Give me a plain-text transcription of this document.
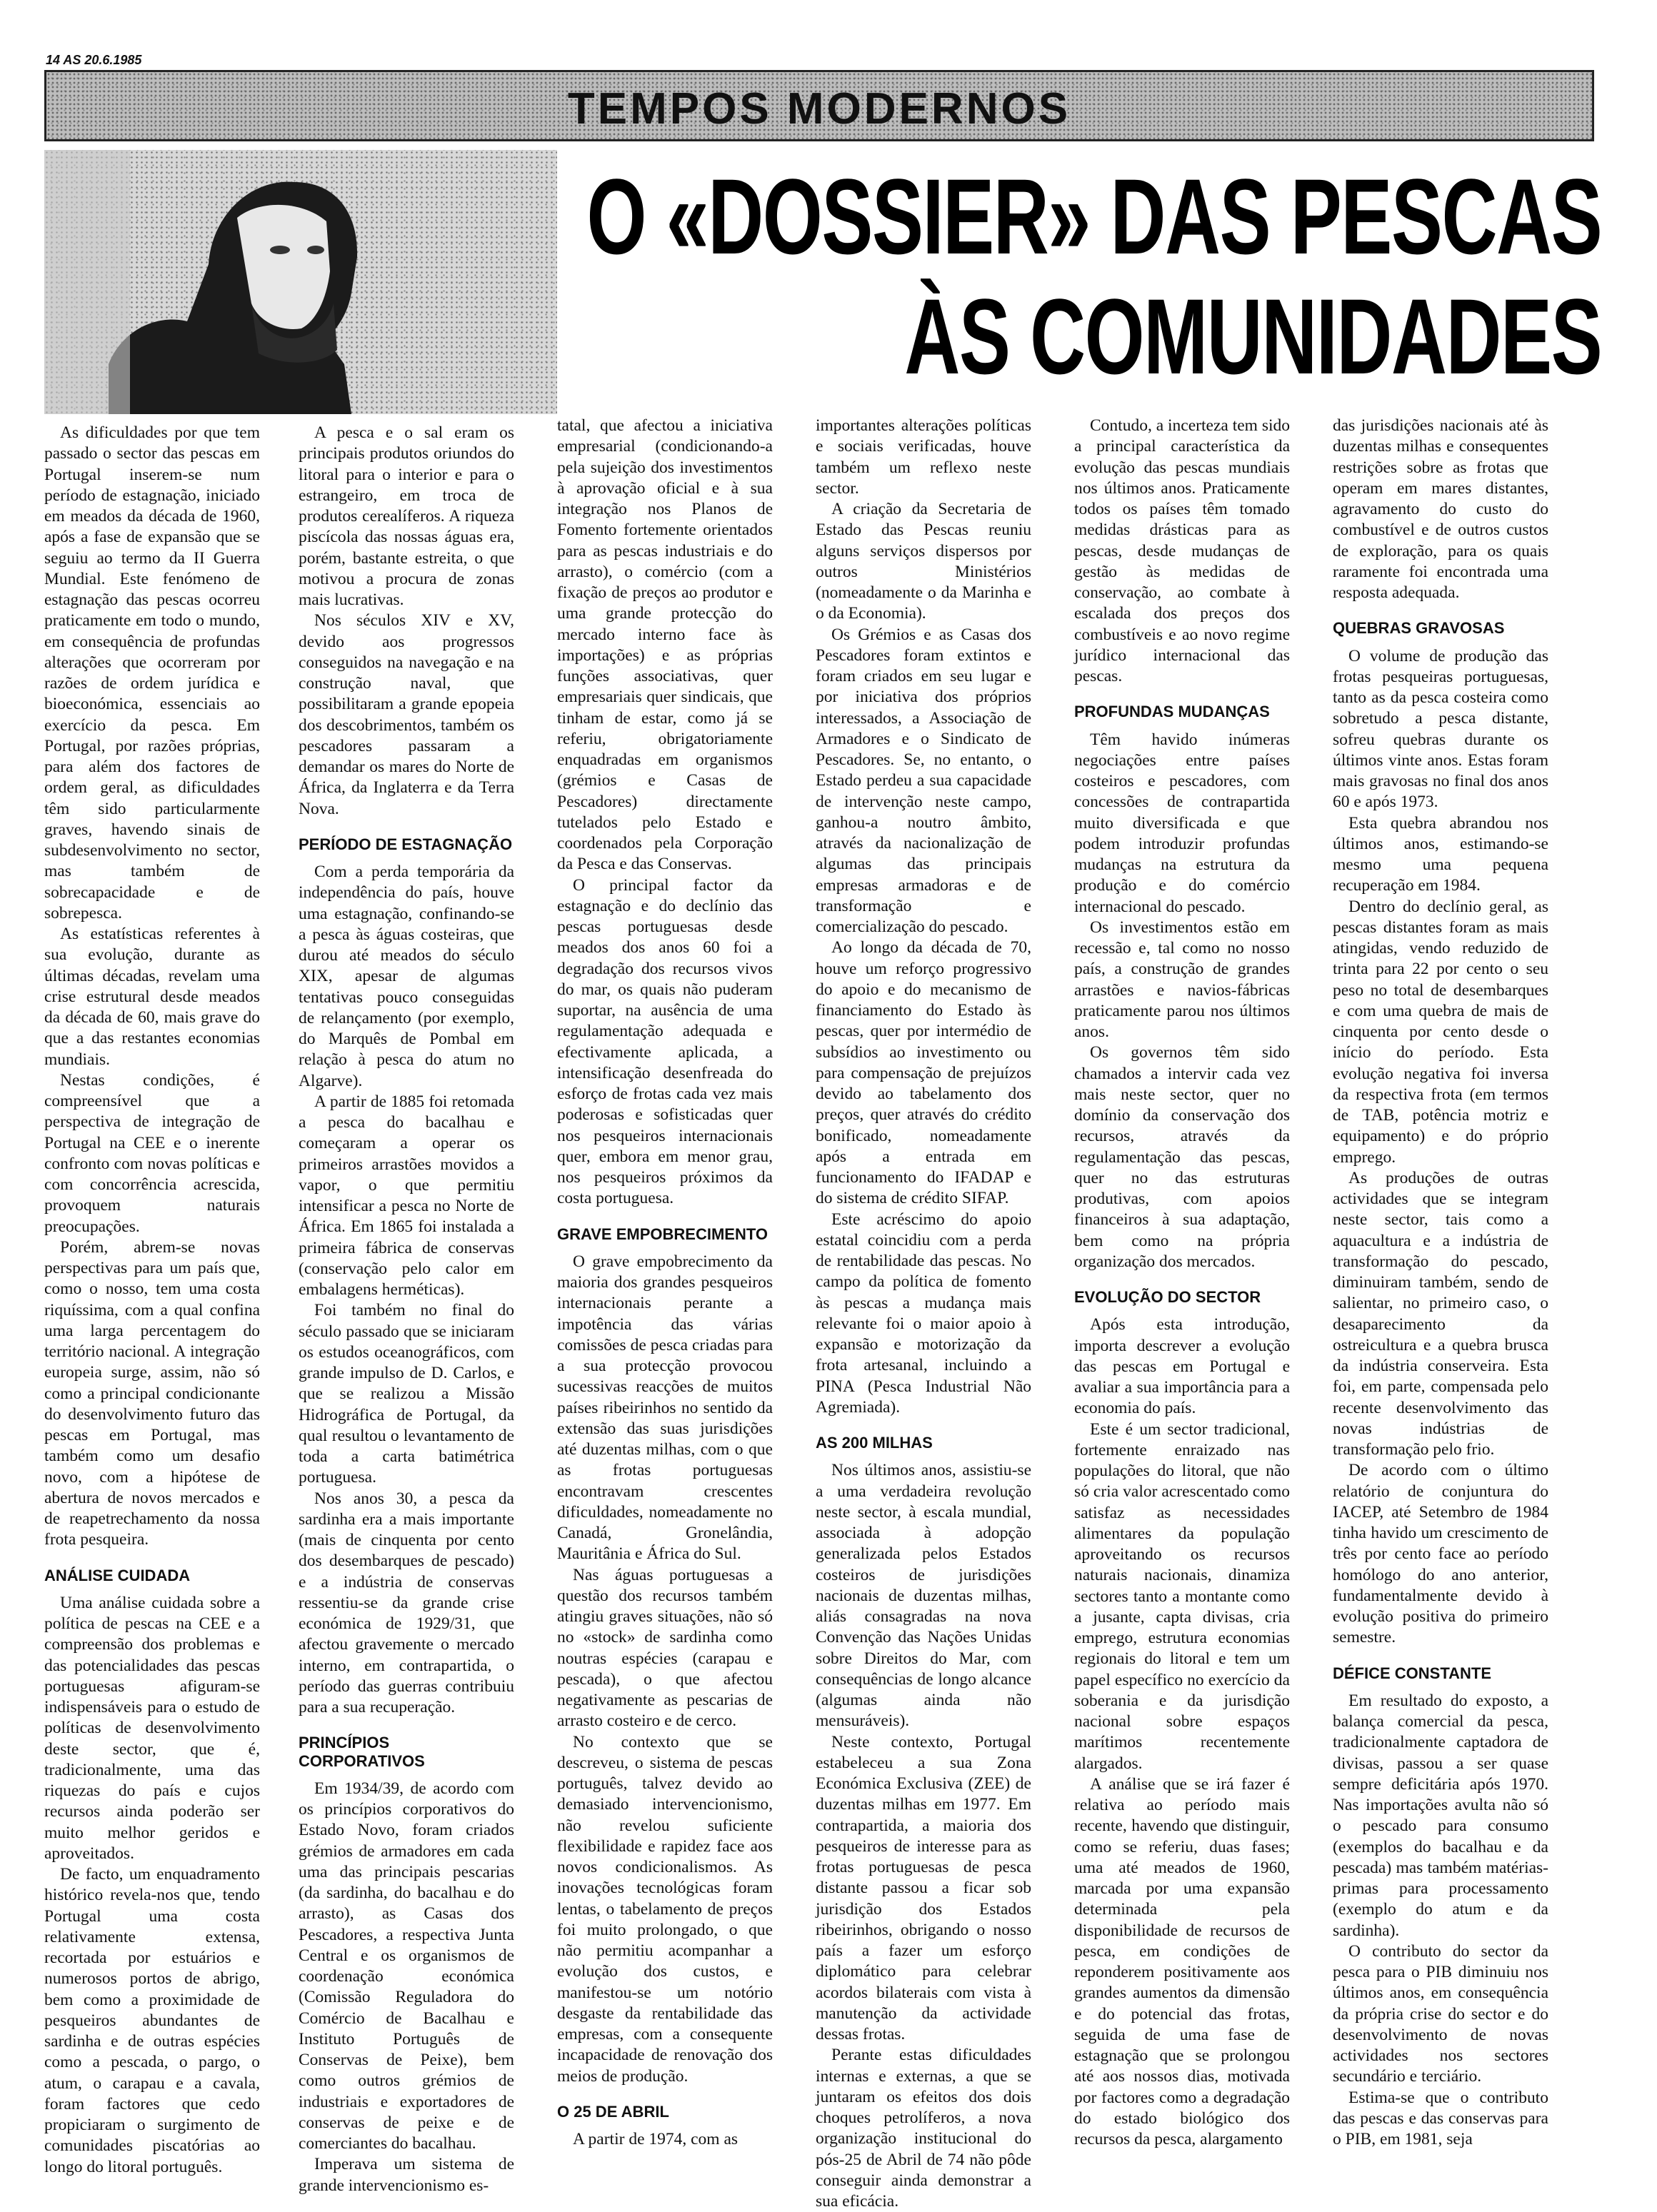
14 AS 20.6.1985
TEMPOS MODERNOS
O «DOSSIER» DAS PESCAS
ÀS COMUNIDADES

As dificuldades por que tem passado o sector das pescas em Portugal inserem-se num período de estagnação, iniciado em meados da década de 1960, após a fase de expansão que se seguiu ao termo da II Guerra Mundial. Este fenómeno de estagnação das pescas ocorreu praticamente em todo o mundo, em consequência de profundas alterações que ocorreram por razões de ordem jurídica e bioeconómica, essenciais ao exercício da pesca. Em Portugal, por razões próprias, para além dos factores de ordem geral, as dificuldades têm sido particularmente graves, havendo sinais de subdesenvolvimento no sector, mas também de sobrecapacidade e de sobrepesca.

As estatísticas referentes à sua evolução, durante as últimas décadas, revelam uma crise estrutural desde meados da década de 60, mais grave do que a das restantes economias mundiais.

Nestas condições, é compreensível que a perspectiva de integração de Portugal na CEE e o inerente confronto com novas políticas e com concorrência acrescida, provoquem naturais preocupações.

Porém, abrem-se novas perspectivas para um país que, como o nosso, tem uma costa riquíssima, com a qual confina uma larga percentagem do território nacional. A integração europeia surge, assim, não só como a principal condicionante do desenvolvimento futuro das pescas em Portugal, mas também como um desafio novo, com a hipótese de abertura de novos mercados e de reapetrechamento da nossa frota pesqueira.

ANÁLISE CUIDADA

Uma análise cuidada sobre a política de pescas na CEE e a compreensão dos problemas e das potencialidades das pescas portuguesas afiguram-se indispensáveis para o estudo de políticas de desenvolvimento deste sector, que é, tradicionalmente, uma das riquezas do país e cujos recursos ainda poderão ser muito melhor geridos e aproveitados.

De facto, um enquadramento histórico revela-nos que, tendo Portugal uma costa relativamente extensa, recortada por estuários e numerosos portos de abrigo, bem como a proximidade de pesqueiros abundantes de sardinha e de outras espécies como a pescada, o pargo, o atum, o carapau e a cavala, foram factores que cedo propiciaram o surgimento de comunidades piscatórias ao longo do litoral português.

A pesca e o sal eram os principais produtos oriundos do litoral para o interior e para o estrangeiro, em troca de produtos cerealíferos. A riqueza piscícola das nossas águas era, porém, bastante estreita, o que motivou a procura de zonas mais lucrativas.

Nos séculos XIV e XV, devido aos progressos conseguidos na navegação e na construção naval, que possibilitaram a grande epopeia dos descobrimentos, também os pescadores passaram a demandar os mares do Norte de África, da Inglaterra e da Terra Nova.

PERÍODO DE ESTAGNAÇÃO

Com a perda temporária da independência do país, houve uma estagnação, confinando-se a pesca às águas costeiras, que durou até meados do século XIX, apesar de algumas tentativas pouco conseguidas de relançamento (por exemplo, do Marquês de Pombal em relação à pesca do atum no Algarve).

A partir de 1885 foi retomada a pesca do bacalhau e começaram a operar os primeiros arrastões movidos a vapor, o que permitiu intensificar a pesca no Norte de África. Em 1865 foi instalada a primeira fábrica de conservas (conservação pelo calor em embalagens herméticas).

Foi também no final do século passado que se iniciaram os estudos oceanográficos, com grande impulso de D. Carlos, e que se realizou a Missão Hidrográfica de Portugal, da qual resultou o levantamento de toda a carta batimétrica portuguesa.

Nos anos 30, a pesca da sardinha era a mais importante (mais de cinquenta por cento dos desembarques de pescado) e a indústria de conservas ressentiu-se da grande crise económica de 1929/31, que afectou gravemente o mercado interno, em contrapartida, o período das guerras contribuiu para a sua recuperação.

PRINCÍPIOS CORPORATIVOS

Em 1934/39, de acordo com os princípios corporativos do Estado Novo, foram criados grémios de armadores em cada uma das principais pescarias (da sardinha, do bacalhau e do arrasto), as Casas dos Pescadores, a respectiva Junta Central e os organismos de coordenação económica (Comissão Reguladora do Comércio de Bacalhau e Instituto Português de Conservas de Peixe), bem como outros grémios de industriais e exportadores de conservas de peixe e de comerciantes do bacalhau.

Imperava um sistema de grande intervencionismo es-

tatal, que afectou a iniciativa empresarial (condicionando-a pela sujeição dos investimentos à aprovação oficial e à sua integração nos Planos de Fomento fortemente orientados para as pescas industriais e do arrasto), o comércio (com a fixação de preços ao produtor e uma grande protecção do mercado interno face às importações) e as próprias funções associativas, quer empresariais quer sindicais, que tinham de estar, como já se referiu, obrigatoriamente enquadradas em organismos (grémios e Casas de Pescadores) directamente tutelados pelo Estado e coordenados pela Corporação da Pesca e das Conservas.

O principal factor da estagnação e do declínio das pescas portuguesas desde meados dos anos 60 foi a degradação dos recursos vivos do mar, os quais não puderam suportar, na ausência de uma regulamentação adequada e efectivamente aplicada, a intensificação desenfreada do esforço de frotas cada vez mais poderosas e sofisticadas quer nos pesqueiros internacionais quer, embora em menor grau, nos pesqueiros próximos da costa portuguesa.

GRAVE EMPOBRECIMENTO

O grave empobrecimento da maioria dos grandes pesqueiros internacionais perante a impotência das várias comissões de pesca criadas para a sua protecção provocou sucessivas reacções de muitos países ribeirinhos no sentido da extensão das suas jurisdições até duzentas milhas, com o que as frotas portuguesas encontravam crescentes dificuldades, nomeadamente no Canadá, Gronelândia, Mauritânia e África do Sul.

Nas águas portuguesas a questão dos recursos também atingiu graves situações, não só no «stock» de sardinha como noutras espécies (carapau e pescada), o que afectou negativamente as pescarias de arrasto costeiro e de cerco.

No contexto que se descreveu, o sistema de pescas português, talvez devido ao demasiado intervencionismo, não revelou suficiente flexibilidade e rapidez face aos novos condicionalismos. As inovações tecnológicas foram lentas, o tabelamento de preços foi muito prolongado, o que não permitiu acompanhar a evolução dos custos, e manifestou-se um notório desgaste da rentabilidade das empresas, com a consequente incapacidade de renovação dos meios de produção.

O 25 DE ABRIL

A partir de 1974, com as

importantes alterações políticas e sociais verificadas, houve também um reflexo neste sector.

A criação da Secretaria de Estado das Pescas reuniu alguns serviços dispersos por outros Ministérios (nomeadamente o da Marinha e o da Economia).

Os Grémios e as Casas dos Pescadores foram extintos e foram criados em seu lugar e por iniciativa dos próprios interessados, a Associação de Armadores e o Sindicato de Pescadores. Se, no entanto, o Estado perdeu a sua capacidade de intervenção neste campo, ganhou-a noutro âmbito, através da nacionalização de algumas das principais empresas armadoras e de transformação e comercialização do pescado.

Ao longo da década de 70, houve um reforço progressivo do apoio e do mecanismo de financiamento do Estado às pescas, quer por intermédio de subsídios ao investimento ou para compensação de prejuízos devido ao tabelamento dos preços, quer através do crédito bonificado, nomeadamente após a entrada em funcionamento do IFADAP e do sistema de crédito SIFAP.

Este acréscimo do apoio estatal coincidiu com a perda de rentabilidade das pescas. No campo da política de fomento às pescas a mudança mais relevante foi o maior apoio à expansão e motorização da frota artesanal, incluindo a PINA (Pesca Industrial Não Agremiada).

AS 200 MILHAS

Nos últimos anos, assistiu-se a uma verdadeira revolução neste sector, à escala mundial, associada à adopção generalizada pelos Estados costeiros de jurisdições nacionais de duzentas milhas, aliás consagradas na nova Convenção das Nações Unidas sobre Direitos do Mar, com consequências de longo alcance (algumas ainda não mensuráveis).

Neste contexto, Portugal estabeleceu a sua Zona Económica Exclusiva (ZEE) de duzentas milhas em 1977. Em contrapartida, a maioria dos pesqueiros de interesse para as frotas portuguesas de pesca distante passou a ficar sob jurisdição dos Estados ribeirinhos, obrigando o nosso país a fazer um esforço diplomático para celebrar acordos bilaterais com vista à manutenção da actividade dessas frotas.

Perante estas dificuldades internas e externas, a que se juntaram os efeitos dos dois choques petrolíferos, a nova organização institucional do pós-25 de Abril de 74 não pôde conseguir ainda demonstrar a sua eficácia.

Contudo, a incerteza tem sido a principal característica da evolução das pescas mundiais nos últimos anos. Praticamente todos os países têm tomado medidas drásticas para as pescas, desde mudanças de gestão às medidas de conservação, ao combate à escalada dos preços dos combustíveis e ao novo regime jurídico internacional das pescas.

PROFUNDAS MUDANÇAS

Têm havido inúmeras negociações entre países costeiros e pescadores, com concessões de contrapartida muito diversificada e que podem introduzir profundas mudanças na estrutura da produção e do comércio internacional do pescado.

Os investimentos estão em recessão e, tal como no nosso país, a construção de grandes arrastões e navios-fábricas praticamente parou nos últimos anos.

Os governos têm sido chamados a intervir cada vez mais neste sector, quer no domínio da conservação dos recursos, através da regulamentação das pescas, quer no das estruturas produtivas, com apoios financeiros à sua adaptação, bem como na própria organização dos mercados.

EVOLUÇÃO DO SECTOR

Após esta introdução, importa descrever a evolução das pescas em Portugal e avaliar a sua importância para a economia do país.

Este é um sector tradicional, fortemente enraizado nas populações do litoral, que não só cria valor acrescentado como satisfaz as necessidades alimentares da população aproveitando os recursos naturais nacionais, dinamiza sectores tanto a montante como a jusante, capta divisas, cria emprego, estrutura economias regionais do litoral e tem um papel específico no exercício da soberania e da jurisdição nacional sobre espaços marítimos recentemente alargados.

A análise que se irá fazer é relativa ao período mais recente, havendo que distinguir, como se referiu, duas fases; uma até meados de 1960, marcada por uma expansão determinada pela disponibilidade de recursos de pesca, em condições de reponderem positivamente aos grandes aumentos da dimensão e do potencial das frotas, seguida de uma fase de estagnação que se prolongou até aos nossos dias, motivada por factores como a degradação do estado biológico dos recursos da pesca, alargamento

das jurisdições nacionais até às duzentas milhas e consequentes restrições sobre as frotas que operam em mares distantes, agravamento do custo do combustível e de outros custos de exploração, para os quais raramente foi encontrada uma resposta adequada.

QUEBRAS GRAVOSAS

O volume de produção das frotas pesqueiras portuguesas, tanto as da pesca costeira como sobretudo a pesca distante, sofreu quebras durante os últimos vinte anos. Estas foram mais gravosas no final dos anos 60 e após 1973.

Esta quebra abrandou nos últimos anos, estimando-se mesmo uma pequena recuperação em 1984.

Dentro do declínio geral, as pescas distantes foram as mais atingidas, vendo reduzido de trinta para 22 por cento o seu peso no total de desembarques e com uma quebra de mais de cinquenta por cento desde o início do período. Esta evolução negativa foi inversa da respectiva frota (em termos de TAB, potência motriz e equipamento) e do próprio emprego.

As produções de outras actividades que se integram neste sector, tais como a aquacultura e a indústria de transformação do pescado, diminuiram também, sendo de salientar, no primeiro caso, o desaparecimento da ostreicultura e a quebra brusca da indústria conserveira. Esta foi, em parte, compensada pelo recente desenvolvimento das novas indústrias de transformação pelo frio.

De acordo com o último relatório de conjuntura do IACEP, até Setembro de 1984 tinha havido um crescimento de três por cento face ao período homólogo do ano anterior, fundamentalmente devido à evolução positiva do primeiro semestre.

DÉFICE CONSTANTE

Em resultado do exposto, a balança comercial da pesca, tradicionalmente captadora de divisas, passou a ser quase sempre deficitária após 1970. Nas importações avulta não só o pescado para consumo (exemplos do bacalhau e da pescada) mas também matérias-primas para processamento (exemplo do atum e da sardinha).

O contributo do sector da pesca para o PIB diminuiu nos últimos anos, em consequência da própria crise do sector e do desenvolvimento de novas actividades nos sectores secundário e terciário.

Estima-se que o contributo das pescas e das conservas para o PIB, em 1981, seja
